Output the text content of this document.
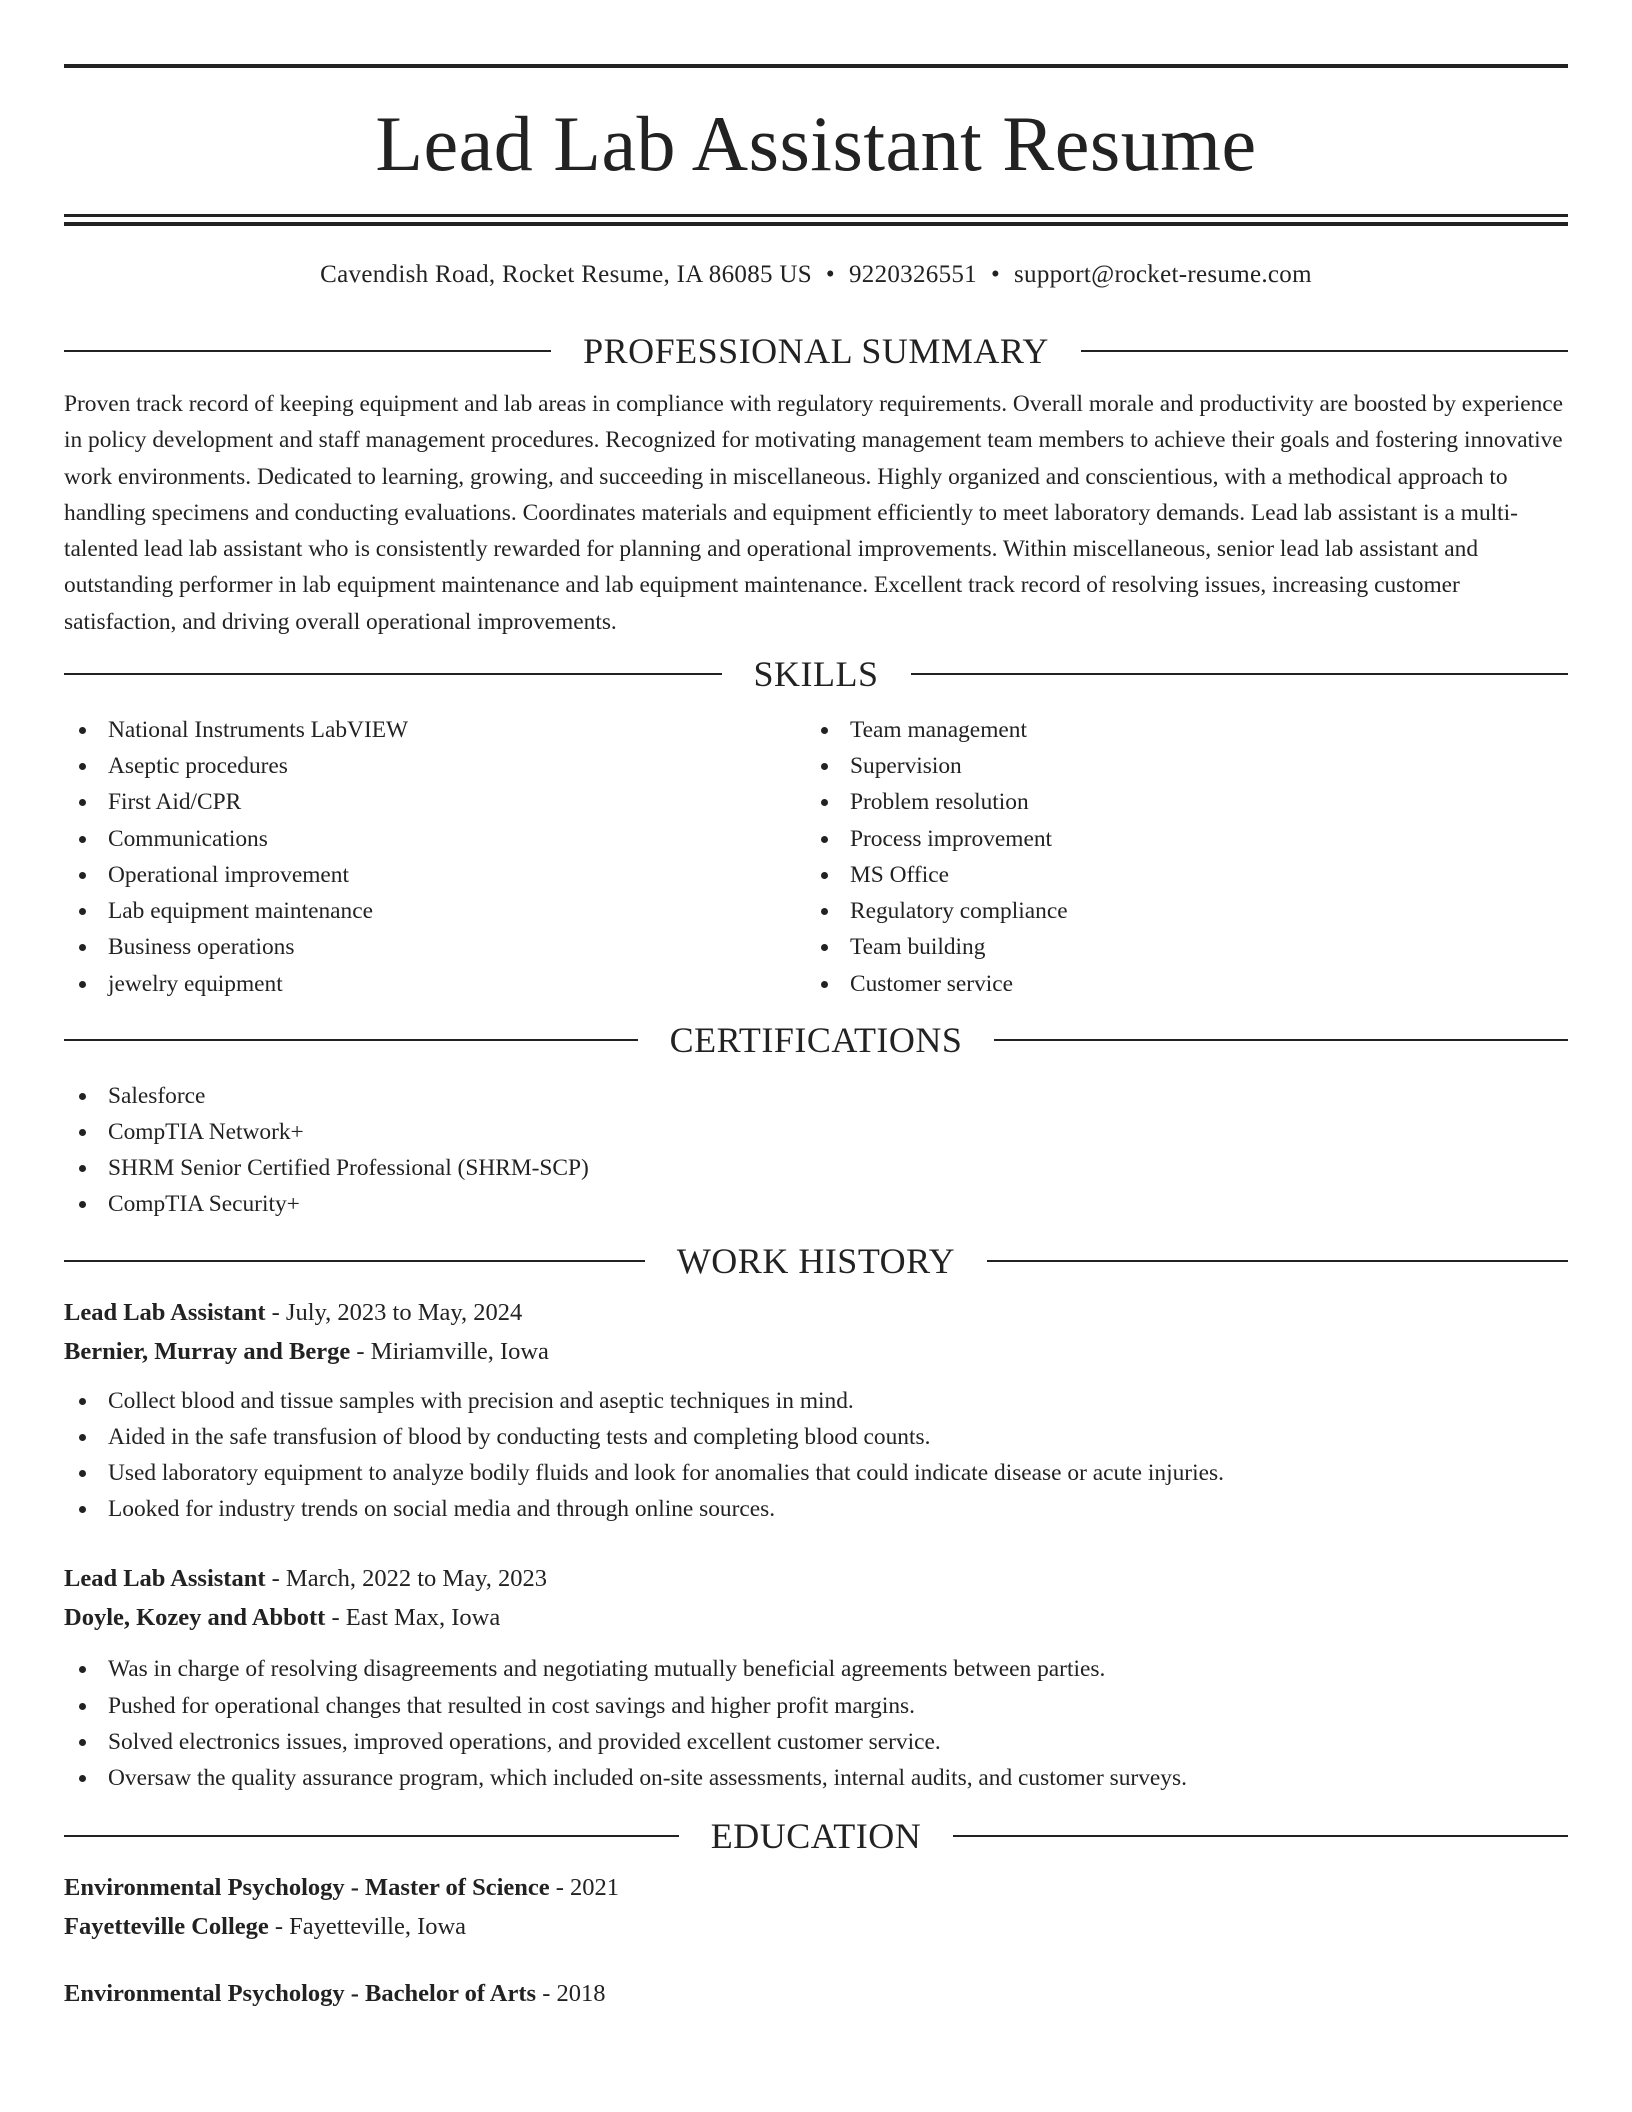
Lead Lab Assistant Resume
Cavendish Road, Rocket Resume, IA 86085 US • 9220326551 • support@rocket-resume.com
PROFESSIONAL SUMMARY

Proven track record of keeping equipment and lab areas in compliance with regulatory requirements. Overall morale and productivity are boosted by experience in policy development and staff management procedures. Recognized for motivating management team members to achieve their goals and fostering innovative work environments. Dedicated to learning, growing, and succeeding in miscellaneous. Highly organized and conscientious, with a methodical approach to handling specimens and conducting evaluations. Coordinates materials and equipment efficiently to meet laboratory demands. Lead lab assistant is a multi-talented lead lab assistant who is consistently rewarded for planning and operational improvements. Within miscellaneous, senior lead lab assistant and outstanding performer in lab equipment maintenance and lab equipment maintenance. Excellent track record of resolving issues, increasing customer satisfaction, and driving overall operational improvements.

SKILLS
National Instruments LabVIEW
Aseptic procedures
First Aid/CPR
Communications
Operational improvement
Lab equipment maintenance
Business operations
jewelry equipment
Team management
Supervision
Problem resolution
Process improvement
MS Office
Regulatory compliance
Team building
Customer service
CERTIFICATIONS
Salesforce
CompTIA Network+
SHRM Senior Certified Professional (SHRM-SCP)
CompTIA Security+
WORK HISTORY
Lead Lab Assistant - July, 2023 to May, 2024
Bernier, Murray and Berge - Miriamville, Iowa
Collect blood and tissue samples with precision and aseptic techniques in mind.
Aided in the safe transfusion of blood by conducting tests and completing blood counts.
Used laboratory equipment to analyze bodily fluids and look for anomalies that could indicate disease or acute injuries.
Looked for industry trends on social media and through online sources.
Lead Lab Assistant - March, 2022 to May, 2023
Doyle, Kozey and Abbott - East Max, Iowa
Was in charge of resolving disagreements and negotiating mutually beneficial agreements between parties.
Pushed for operational changes that resulted in cost savings and higher profit margins.
Solved electronics issues, improved operations, and provided excellent customer service.
Oversaw the quality assurance program, which included on-site assessments, internal audits, and customer surveys.
EDUCATION
Environmental Psychology - Master of Science - 2021
Fayetteville College - Fayetteville, Iowa
Environmental Psychology - Bachelor of Arts - 2018
